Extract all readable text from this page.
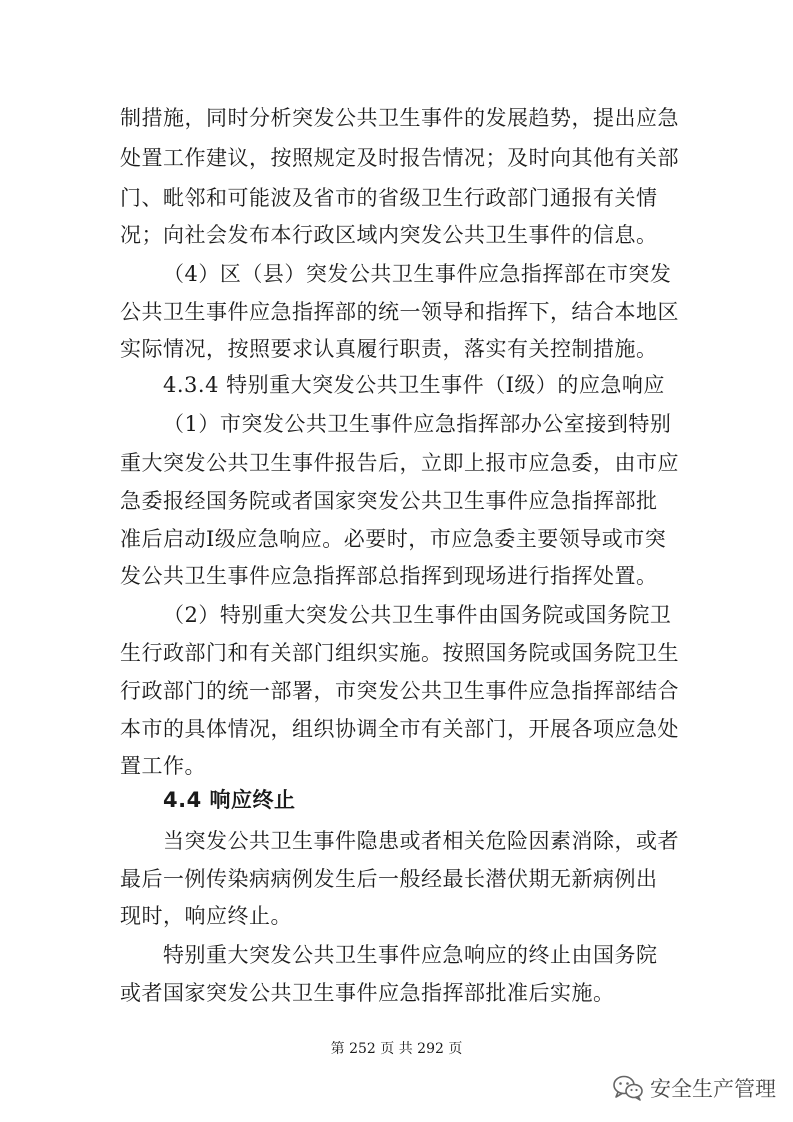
制措施，同时分析突发公共卫生事件的发展趋势，提出应急
处置工作建议，按照规定及时报告情况；及时向其他有关部
门、毗邻和可能波及省市的省级卫生行政部门通报有关情
况；向社会发布本行政区域内突发公共卫生事件的信息。
（4）区（县）突发公共卫生事件应急指挥部在市突发
公共卫生事件应急指挥部的统一领导和指挥下，结合本地区
实际情况，按照要求认真履行职责，落实有关控制措施。
4.3.4 特别重大突发公共卫生事件（Ⅰ级）的应急响应
（1）市突发公共卫生事件应急指挥部办公室接到特别
重大突发公共卫生事件报告后，立即上报市应急委，由市应
急委报经国务院或者国家突发公共卫生事件应急指挥部批
准后启动Ⅰ级应急响应。必要时，市应急委主要领导或市突
发公共卫生事件应急指挥部总指挥到现场进行指挥处置。
（2）特别重大突发公共卫生事件由国务院或国务院卫
生行政部门和有关部门组织实施。按照国务院或国务院卫生
行政部门的统一部署，市突发公共卫生事件应急指挥部结合
本市的具体情况，组织协调全市有关部门，开展各项应急处
置工作。
4.4 响应终止
当突发公共卫生事件隐患或者相关危险因素消除，或者
最后一例传染病病例发生后一般经最长潜伏期无新病例出
现时，响应终止。
特别重大突发公共卫生事件应急响应的终止由国务院
或者国家突发公共卫生事件应急指挥部批准后实施。
第 252 页 共 292 页
安全生产管理
